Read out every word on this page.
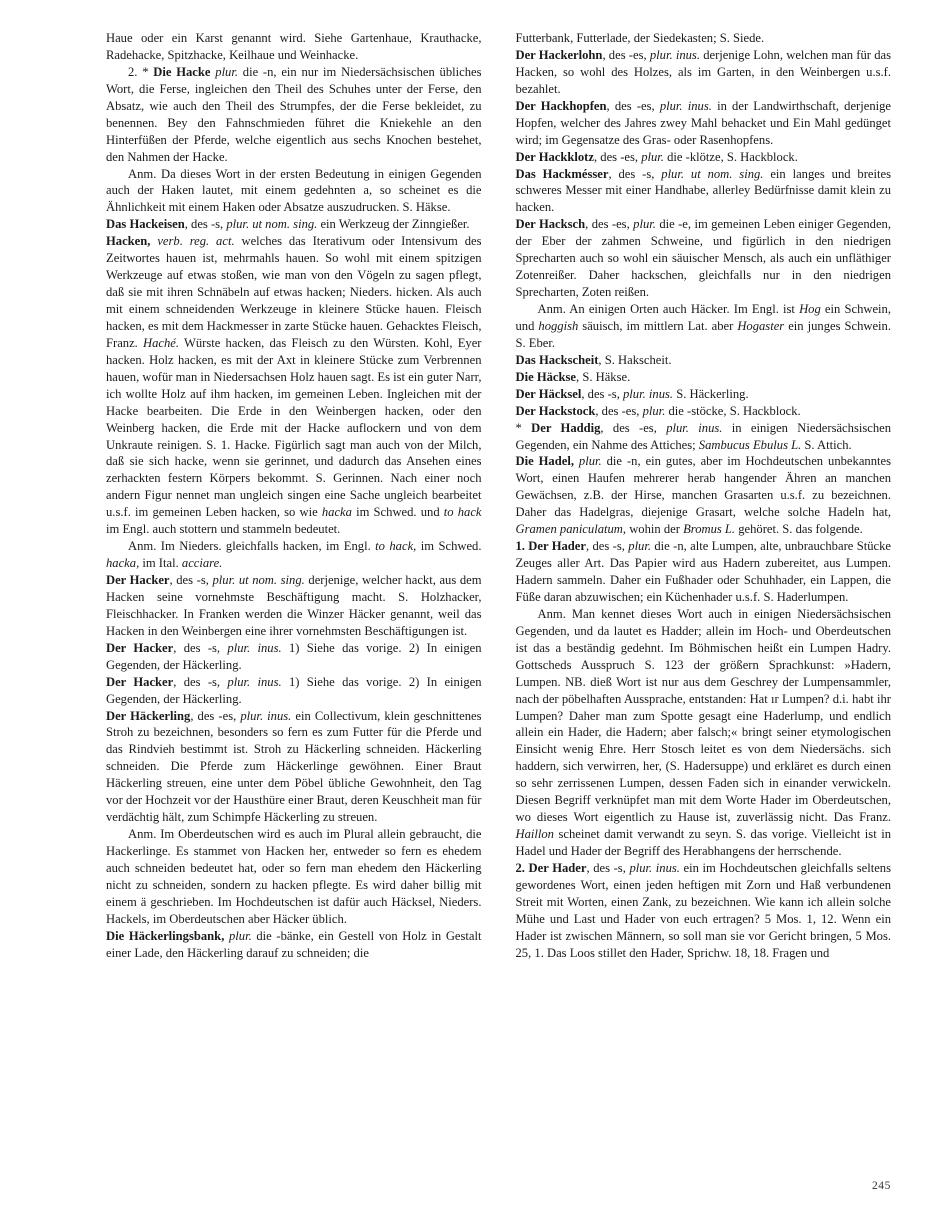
Haue oder ein Karst genannt wird. Siehe Gartenhaue, Krauthacke, Radehacke, Spitzhacke, Keilhaue und Weinhacke.

2. * Die Hacke plur. die -n, ein nur im Niedersächsischen übliches Wort, die Ferse, ingleichen den Theil des Schuhes unter der Ferse, den Absatz, wie auch den Theil des Strumpfes, der die Ferse bekleidet, zu benennen. Bey den Fahnschmieden führet die Kniekehle an den Hinterfüßen der Pferde, welche eigentlich aus sechs Knochen bestehet, den Nahmen der Hacke.

Anm. Da dieses Wort in der ersten Bedeutung in einigen Gegenden auch der Haken lautet, mit einem gedehnten a, so scheinet es die Ähnlichkeit mit einem Haken oder Absatze auszudrucken. S. Häkse.

Das Hackeisen, des -s, plur. ut nom. sing. ein Werkzeug der Zinngießer.

Hacken, verb. reg. act. welches das Iterativum oder Intensivum des Zeitwortes hauen ist, mehrmahls hauen. So wohl mit einem spitzigen Werkzeuge auf etwas stoßen, wie man von den Vögeln zu sagen pflegt, daß sie mit ihren Schnäbeln auf etwas hacken; Nieders. hicken. Als auch mit einem schneidenden Werkzeuge in kleinere Stücke hauen. Fleisch hacken, es mit dem Hackmesser in zarte Stücke hauen. Gehacktes Fleisch, Franz. Haché. Würste hacken, das Fleisch zu den Würsten. Kohl, Eyer hacken. Holz hacken, es mit der Axt in kleinere Stücke zum Verbrennen hauen, wofür man in Niedersachsen Holz hauen sagt. Es ist ein guter Narr, ich wollte Holz auf ihm hacken, im gemeinen Leben. Ingleichen mit der Hacke bearbeiten. Die Erde in den Weinbergen hacken, oder den Weinberg hacken, die Erde mit der Hacke auflockern und von dem Unkraute reinigen. S. 1. Hacke. Figürlich sagt man auch von der Milch, daß sie sich hacke, wenn sie gerinnet, und dadurch das Ansehen eines zerhackten festern Körpers bekommt. S. Gerinnen. Nach einer noch andern Figur nennet man ungleich singen eine Sache ungleich bearbeitet u.s.f. im gemeinen Leben hacken, so wie hacka im Schwed. und to hack im Engl. auch stottern und stammeln bedeutet.

Anm. Im Nieders. gleichfalls hacken, im Engl. to hack, im Schwed. hacka, im Ital. acciare.

Der Hacker, des -s, plur. ut nom. sing. derjenige, welcher hackt, aus dem Hacken seine vornehmste Beschäftigung macht. S. Holzhacker, Fleischhacker. In Franken werden die Winzer Häcker genannt, weil das Hacken in den Weinbergen eine ihrer vornehmsten Beschäftigungen ist.

Der Hacker, des -s, plur. inus. 1) Siehe das vorige. 2) In einigen Gegenden, der Häckerling.

Der Hacker, des -s, plur. inus. 1) Siehe das vorige. 2) In einigen Gegenden, der Häckerling.

Der Häckerling, des -es, plur. inus. ein Collectivum, klein geschnittenes Stroh zu bezeichnen, besonders so fern es zum Futter für die Pferde und das Rindvieh bestimmt ist. Stroh zu Häckerling schneiden. Häckerling schneiden. Die Pferde zum Häckerlinge gewöhnen. Einer Braut Häckerling streuen, eine unter dem Pöbel übliche Gewohnheit, den Tag vor der Hochzeit vor der Hausthüre einer Braut, deren Keuschheit man für verdächtig hält, zum Schimpfe Häckerling zu streuen.

Anm. Im Oberdeutschen wird es auch im Plural allein gebraucht, die Hackerlinge. Es stammet von Hacken her, entweder so fern es ehedem auch schneiden bedeutet hat, oder so fern man ehedem den Häckerling nicht zu schneiden, sondern zu hacken pflegte. Es wird daher billig mit einem ä geschrieben. Im Hochdeutschen ist dafür auch Häcksel, Nieders. Hackels, im Oberdeutschen aber Häcker üblich.

Die Häckerlingsbank, plur. die -bänke, ein Gestell von Holz in Gestalt einer Lade, den Häckerling darauf zu schneiden; die

Futterbank, Futterlade, der Siedekasten; S. Siede.

Der Hackerlohn, des -es, plur. inus. derjenige Lohn, welchen man für das Hacken, so wohl des Holzes, als im Garten, in den Weinbergen u.s.f. bezahlet.

Der Hackhopfen, des -es, plur. inus. in der Landwirthschaft, derjenige Hopfen, welcher des Jahres zwey Mahl behacket und Ein Mahl gedünget wird; im Gegensatze des Gras- oder Rasenhopfens.

Der Hackklotz, des -es, plur. die -klötze, S. Hackblock.

Das Hackmésser, des -s, plur. ut nom. sing. ein langes und breites schweres Messer mit einer Handhabe, allerley Bedürfnisse damit klein zu hacken.

Der Hacksch, des -es, plur. die -e, im gemeinen Leben einiger Gegenden, der Eber der zahmen Schweine, und figürlich in den niedrigen Sprecharten auch so wohl ein säuischer Mensch, als auch ein unfläthiger Zotenreißer. Daher hackschen, gleichfalls nur in den niedrigen Sprecharten, Zoten reißen.

Anm. An einigen Orten auch Häcker. Im Engl. ist Hog ein Schwein, und hoggish säuisch, im mittlern Lat. aber Hogaster ein junges Schwein. S. Eber.

Das Hackscheit, S. Hakscheit.

Die Häckse, S. Häkse.

Der Häcksel, des -s, plur. inus. S. Häckerling.

Der Hackstock, des -es, plur. die -stöcke, S. Hackblock.

* Der Haddig, des -es, plur. inus. in einigen Niedersächsischen Gegenden, ein Nahme des Attiches; Sambucus Ebulus L. S. Attich.

Die Hadel, plur. die -n, ein gutes, aber im Hochdeutschen unbekanntes Wort, einen Haufen mehrerer herab hangender Ähren an manchen Gewächsen, z.B. der Hirse, manchen Grasarten u.s.f. zu bezeichnen. Daher das Hadelgras, diejenige Grasart, welche solche Hadeln hat, Gramen paniculatum, wohin der Bromus L. gehöret. S. das folgende.

1. Der Hader, des -s, plur. die -n, alte Lumpen, alte, unbrauchbare Stücke Zeuges aller Art. Das Papier wird aus Hadern zubereitet, aus Lumpen. Hadern sammeln. Daher ein Fußhader oder Schuhhader, ein Lappen, die Füße daran abzuwischen; ein Küchenhader u.s.f. S. Haderlumpen.

Anm. Man kennet dieses Wort auch in einigen Niedersächsischen Gegenden, und da lautet es Hadder; allein im Hoch- und Oberdeutschen ist das a beständig gedehnt. Im Böhmischen heißt ein Lumpen Hadry. Gottscheds Ausspruch S. 123 der größern Sprachkunst: »Hadern, Lumpen. NB. dieß Wort ist nur aus dem Geschrey der Lumpensammler, nach der pöbelhaften Aussprache, entstanden: Hat ır Lumpen? d.i. habt ihr Lumpen? Daher man zum Spotte gesagt eine Haderlump, und endlich allein ein Hader, die Hadern; aber falsch;« bringt seiner etymologischen Einsicht wenig Ehre. Herr Stosch leitet es von dem Niedersächs. sich haddern, sich verwirren, her, (S. Hadersuppe) und erkläret es durch einen so sehr zerrissenen Lumpen, dessen Faden sich in einander verwickeln. Diesen Begriff verknüpfet man mit dem Worte Hader im Oberdeutschen, wo dieses Wort eigentlich zu Hause ist, zuverlässig nicht. Das Franz. Haillon scheinet damit verwandt zu seyn. S. das vorige. Vielleicht ist in Hadel und Hader der Begriff des Herabhangens der herrschende.

2. Der Hader, des -s, plur. inus. ein im Hochdeutschen gleichfalls seltens gewordenes Wort, einen jeden heftigen mit Zorn und Haß verbundenen Streit mit Worten, einen Zank, zu bezeichnen. Wie kann ich allein solche Mühe und Last und Hader von euch ertragen? 5 Mos. 1, 12. Wenn ein Hader ist zwischen Männern, so soll man sie vor Gericht bringen, 5 Mos. 25, 1. Das Loos stillet den Hader, Sprichw. 18, 18. Fragen und

245
